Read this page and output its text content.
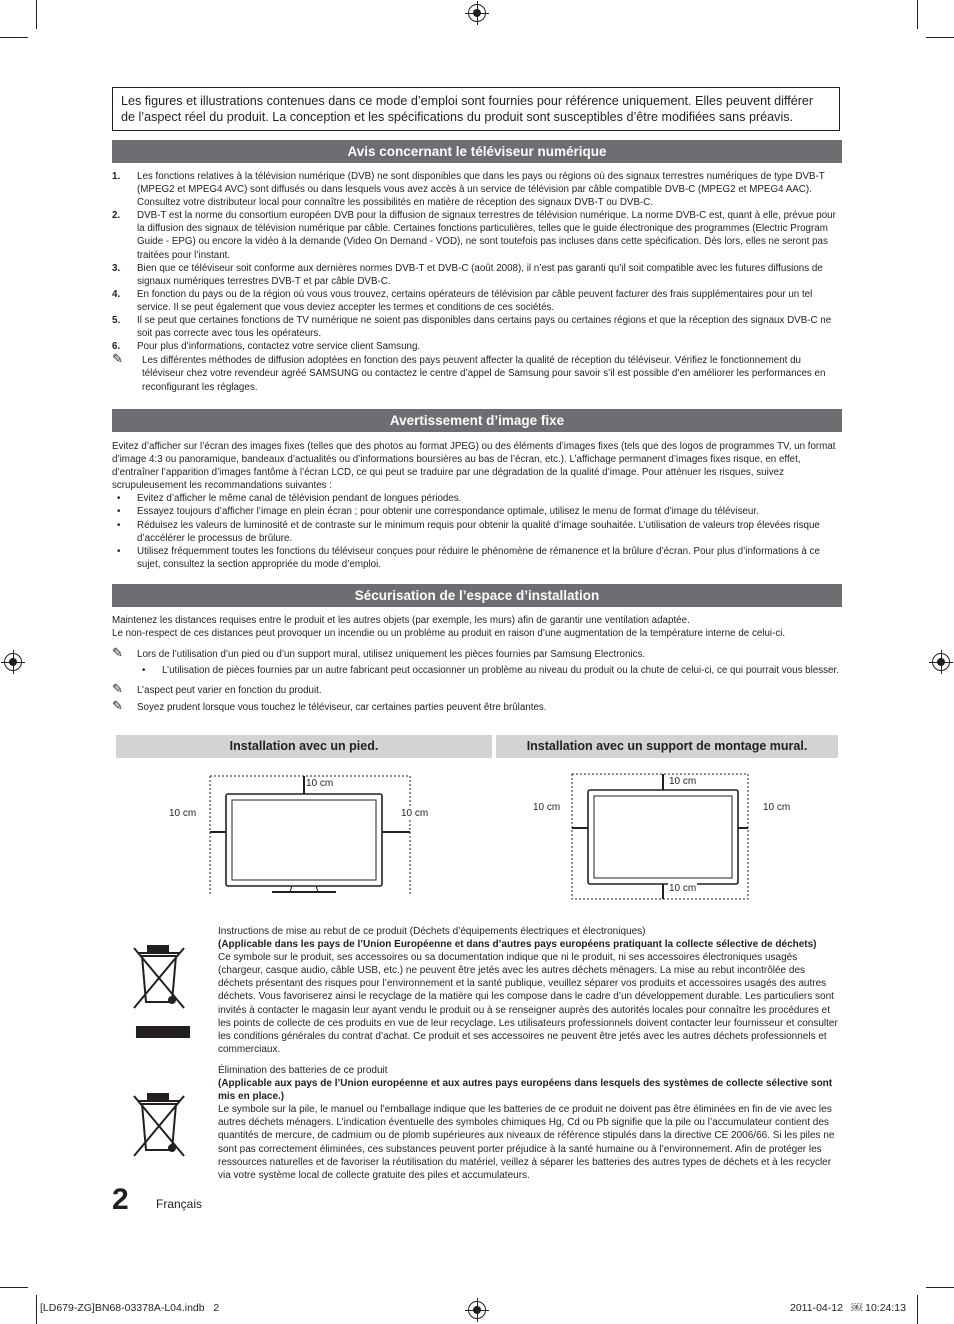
Les figures et illustrations contenues dans ce mode d’emploi sont fournies pour référence uniquement. Elles peuvent différer de l’aspect réel du produit. La conception et les spécifications du produit sont susceptibles d’être modifiées sans préavis.
Avis concernant le téléviseur numérique
1. Les fonctions relatives à la télévision numérique (DVB) ne sont disponibles que dans les pays ou régions où des signaux terrestres numériques de type DVB-T (MPEG2 et MPEG4 AVC) sont diffusés ou dans lesquels vous avez accès à un service de télévision par câble compatible DVB-C (MPEG2 et MPEG4 AAC). Consultez votre distributeur local pour connaître les possibilités en matière de réception des signaux DVB-T ou DVB-C.
2. DVB-T est la norme du consortium européen DVB pour la diffusion de signaux terrestres de télévision numérique. La norme DVB-C est, quant à elle, prévue pour la diffusion des signaux de télévision numérique par câble. Certaines fonctions particulières, telles que le guide électronique des programmes (Electric Program Guide - EPG) ou encore la vidéo à la demande (Video On Demand - VOD), ne sont toutefois pas incluses dans cette spécification. Dès lors, elles ne seront pas traitées pour l’instant.
3. Bien que ce téléviseur soit conforme aux dernières normes DVB-T et DVB-C (août 2008), il n’est pas garanti qu’il soit compatible avec les futures diffusions de signaux numériques terrestres DVB-T et par câble DVB-C.
4. En fonction du pays ou de la région où vous vous trouvez, certains opérateurs de télévision par câble peuvent facturer des frais supplémentaires pour un tel service. Il se peut également que vous deviez accepter les termes et conditions de ces sociétés.
5. Il se peut que certaines fonctions de TV numérique ne soient pas disponibles dans certains pays ou certaines régions et que la réception des signaux DVB-C ne soit pas correcte avec tous les opérateurs.
6. Pour plus d’informations, contactez votre service client Samsung.
✎ Les différentes méthodes de diffusion adoptées en fonction des pays peuvent affecter la qualité de réception du téléviseur. Vérifiez le fonctionnement du téléviseur chez votre revendeur agréé SAMSUNG ou contactez le centre d’appel de Samsung pour savoir s’il est possible d’en améliorer les performances en reconfigurant les réglages.
Avertissement d’image fixe
Evitez d’afficher sur l’écran des images fixes (telles que des photos au format JPEG) ou des éléments d’images fixes (tels que des logos de programmes TV, un format d’image 4:3 ou panoramique, bandeaux d’actualités ou d’informations boursières au bas de l’écran, etc.). L’affichage permanent d’images fixes risque, en effet, d’entraîner l’apparition d’images fantôme à l’écran LCD, ce qui peut se traduire par une dégradation de la qualité d’image. Pour atténuer les risques, suivez scrupuleusement les recommandations suivantes :
• Evitez d’afficher le même canal de télévision pendant de longues périodes.
• Essayez toujours d’afficher l’image en plein écran ; pour obtenir une correspondance optimale, utilisez le menu de format d’image du téléviseur.
• Réduisez les valeurs de luminosité et de contraste sur le minimum requis pour obtenir la qualité d’image souhaitée. L’utilisation de valeurs trop élevées risque d’accélérer le processus de brûlure.
• Utilisez fréquemment toutes les fonctions du téléviseur conçues pour réduire le phénomène de rémanence et la brûlure d’écran. Pour plus d’informations à ce sujet, consultez la section appropriée du mode d’emploi.
Sécurisation de l’espace d’installation
Maintenez les distances requises entre le produit et les autres objets (par exemple, les murs) afin de garantir une ventilation adaptée.
Le non-respect de ces distances peut provoquer un incendie ou un problème au produit en raison d’une augmentation de la température interne de celui-ci.
✎ Lors de l’utilisation d’un pied ou d’un support mural, utilisez uniquement les pièces fournies par Samsung Electronics.
• L’utilisation de pièces fournies par un autre fabricant peut occasionner un problème au niveau du produit ou la chute de celui-ci, ce qui pourrait vous blesser.
✎ L’aspect peut varier en fonction du produit.
✎ Soyez prudent lorsque vous touchez le téléviseur, car certaines parties peuvent être brûlantes.
Installation avec un pied.	Installation avec un support de montage mural.
10 cm
10 cm	10 cm
10 cm
10 cm	10 cm
10 cm
Instructions de mise au rebut de ce produit (Déchets d’équipements électriques et électroniques)
(Applicable dans les pays de l’Union Européenne et dans d’autres pays européens pratiquant la collecte sélective de déchets)
Ce symbole sur le produit, ses accessoires ou sa documentation indique que ni le produit, ni ses accessoires électroniques usagés (chargeur, casque audio, câble USB, etc.) ne peuvent être jetés avec les autres déchets ménagers. La mise au rebut incontrôlée des déchets présentant des risques pour l’environnement et la santé publique, veuillez séparer vos produits et accessoires usagés des autres déchets. Vous favoriserez ainsi le recyclage de la matière qui les compose dans le cadre d’un développement durable. Les particuliers sont invités à contacter le magasin leur ayant vendu le produit ou à se renseigner auprès des autorités locales pour connaître les procédures et les points de collecte de ces produits en vue de leur recyclage. Les utilisateurs professionnels doivent contacter leur fournisseur et consulter les conditions générales du contrat d’achat. Ce produit et ses accessoires ne peuvent être jetés avec les autres déchets professionnels et commerciaux.
Élimination des batteries de ce produit
(Applicable aux pays de l’Union européenne et aux autres pays européens dans lesquels des systèmes de collecte sélective sont mis en place.)
Le symbole sur la pile, le manuel ou l’emballage indique que les batteries de ce produit ne doivent pas être éliminées en fin de vie avec les autres déchets ménagers. L’indication éventuelle des symboles chimiques Hg, Cd ou Pb signifie que la pile ou l’accumulateur contient des quantités de mercure, de cadmium ou de plomb supérieures aux niveaux de référence stipulés dans la directive CE 2006/66. Si les piles ne sont pas correctement éliminées, ces substances peuvent porter préjudice à la santé humaine ou à l’environnement. Afin de protéger les ressources naturelles et de favoriser la réutilisation du matériel, veillez à séparer les batteries des autres types de déchets et à les recycler via votre système local de collecte gratuite des piles et accumulateurs.
2 Français
[LD679-ZG]BN68-03378A-L04.indb   2	2011-04-12   ￼ 10:24:13
